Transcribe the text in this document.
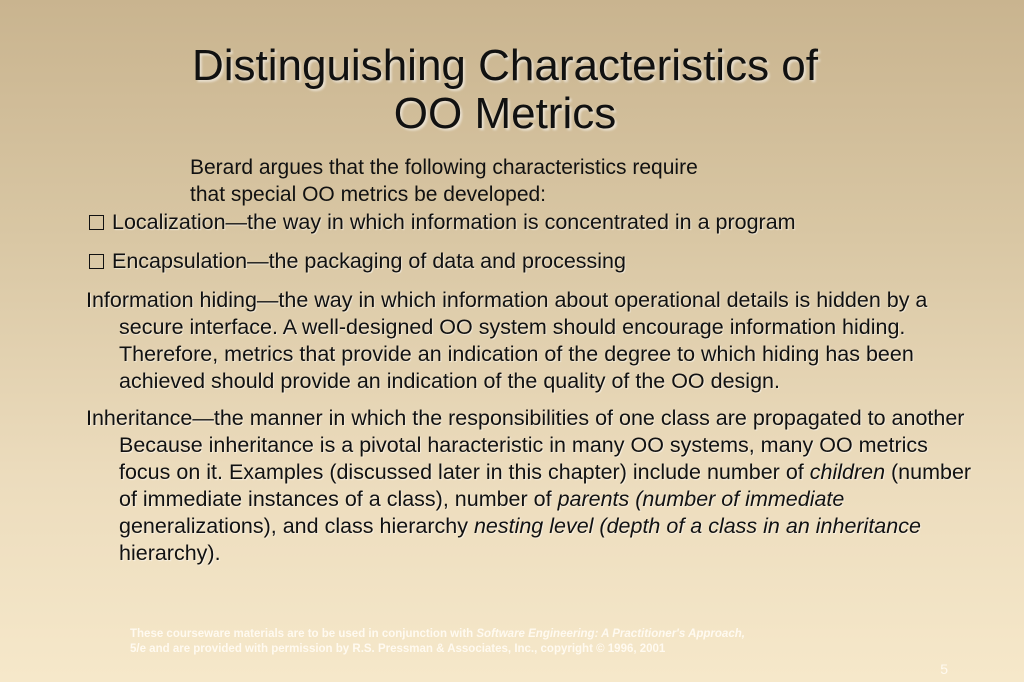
Distinguishing Characteristics of
OO Metrics
Berard argues that the following characteristics require
that special OO metrics be developed:
Localization—the way in which information is concentrated in a program
Encapsulation—the packaging of data and processing
Information hiding—the way in which information about operational details is hidden by a secure interface. A well-designed OO system should encourage information hiding. Therefore, metrics that provide an indication of the degree to which hiding has been achieved should provide an indication of the quality of the OO design.
Inheritance—the manner in which the responsibilities of one class are propagated to another Because inheritance is a pivotal haracteristic in many OO systems, many OO metrics focus on it. Examples (discussed later in this chapter) include number of children (number of immediate instances of a class), number of parents (number of immediate generalizations), and class hierarchy nesting level (depth of a class in an inheritance hierarchy).
These courseware materials are to be used in conjunction with Software Engineering: A Practitioner's Approach,
5/e and are provided with permission by R.S. Pressman & Associates, Inc., copyright © 1996, 2001
5
